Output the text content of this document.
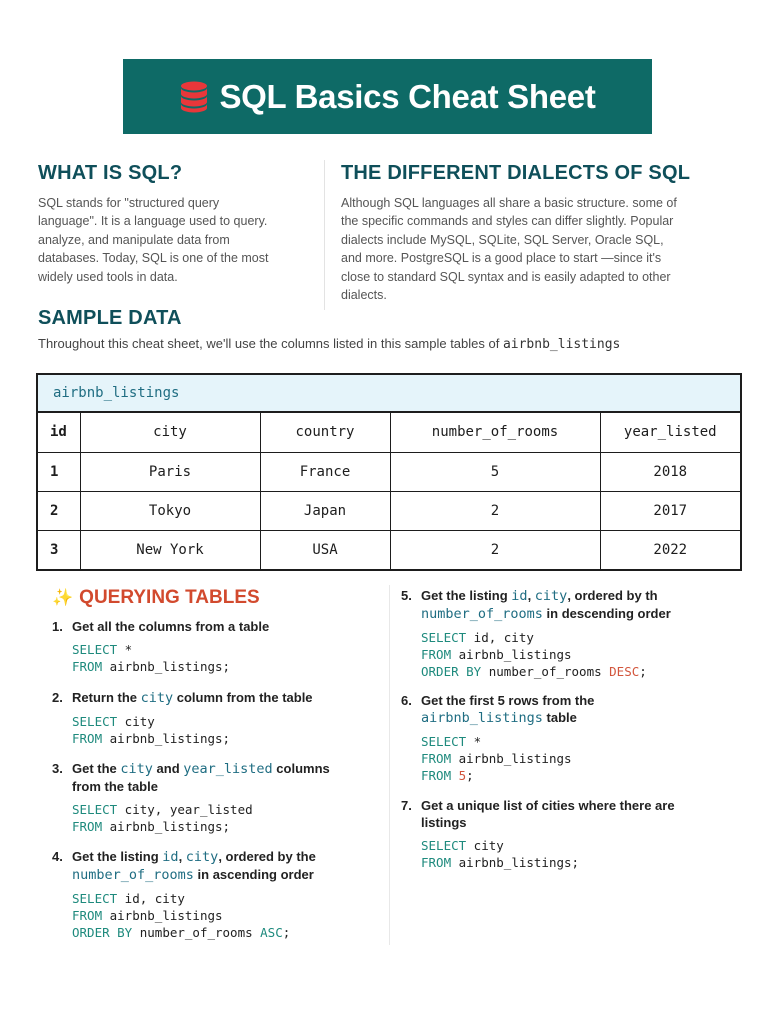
SQL Basics Cheat Sheet
WHAT IS SQL?
SQL stands for "structured query
language". It is a language used to query.
analyze, and manipulate data from
databases. Today, SQL is one of the most
widely used tools in data.
THE DIFFERENT DIALECTS OF SQL
Although SQL languages all share a basic structure. some of
the specific commands and styles can differ slightly. Popular
dialects include MySQL, SQLite, SQL Server, Oracle SQL,
and more. PostgreSQL is a good place to start —since it's
close to standard SQL syntax and is easily adapted to other
dialects.
SAMPLE DATA
Throughout this cheat sheet, we'll use the columns listed in this sample tables of airbnb_listings
airbnb_listings
id	city	country	number_of_rooms	year_listed
1	Paris	France	5	2018
2	Tokyo	Japan	2	2017
3	New York	USA	2	2022
✨ QUERYING TABLES
1. Get all the columns from a table
SELECT *
FROM airbnb_listings;
2. Return the city column from the table
SELECT city
FROM airbnb_listings;
3. Get the city and year_listed columns
from the table
SELECT city, year_listed
FROM airbnb_listings;
4. Get the listing id, city, ordered by the
number_of_rooms in ascending order
SELECT id, city
FROM airbnb_listings
ORDER BY number_of_rooms ASC;
5. Get the listing id, city, ordered by th
number_of_rooms in descending order
SELECT id, city
FROM airbnb_listings
ORDER BY number_of_rooms DESC;
6. Get the first 5 rows from the
airbnb_listings table
SELECT *
FROM airbnb_listings
FROM 5;
7. Get a unique list of cities where there are
listings
SELECT city
FROM airbnb_listings;
